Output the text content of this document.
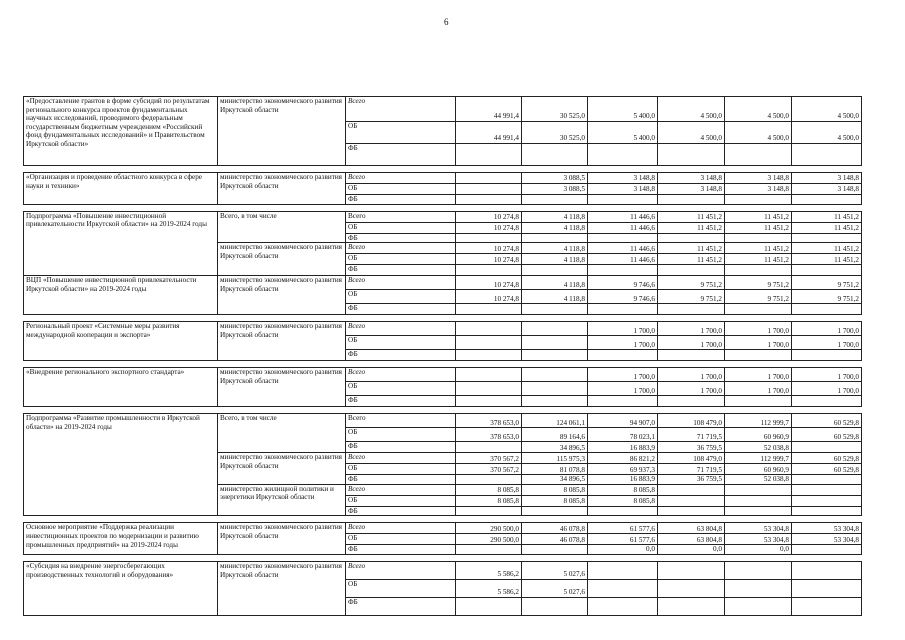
6
«Предоставление грантов в форме субсидий по результатам регионального конкурса проектов фундаментальных научных исследований, проводимого федеральным государственным бюджетным учреждением «Российский фонд фундаментальных исследований» и Правительством Иркутской области»	министерство экономического развития Иркутской области	Всего	44 991,4	30 525,0	5 400,0	4 500,0	4 500,0	4 500,0
		ОБ	44 991,4	30 525,0	5 400,0	4 500,0	4 500,0	4 500,0
		ФБ						

«Организация и проведение областного конкурса в сфере науки и техники»	министерство экономического развития Иркутской области	Всего		3 088,5	3 148,8	3 148,8	3 148,8	3 148,8
		ОБ		3 088,5	3 148,8	3 148,8	3 148,8	3 148,8
		ФБ						

Подпрограмма «Повышение инвестиционной привлекательности Иркутской области» на 2019-2024 годы	Всего, в том числе	Всего	10 274,8	4 118,8	11 446,6	11 451,2	11 451,2	11 451,2
		ОБ	10 274,8	4 118,8	11 446,6	11 451,2	11 451,2	11 451,2
		ФБ						
	министерство экономического развития Иркутской области	Всего	10 274,8	4 118,8	11 446,6	11 451,2	11 451,2	11 451,2
		ОБ	10 274,8	4 118,8	11 446,6	11 451,2	11 451,2	11 451,2
		ФБ						
ВЦП «Повышение инвестиционной привлекательности Иркутской области» на 2019-2024 годы	министерство экономического развития Иркутской области	Всего	10 274,8	4 118,8	9 746,6	9 751,2	9 751,2	9 751,2
		ОБ	10 274,8	4 118,8	9 746,6	9 751,2	9 751,2	9 751,2
		ФБ						

Региональный проект «Системные меры развития международной кооперации и экспорта»	министерство экономического развития Иркутской области	Всего			1 700,0	1 700,0	1 700,0	1 700,0
		ОБ			1 700,0	1 700,0	1 700,0	1 700,0
		ФБ						

«Внедрение регионального экспортного стандарта»	министерство экономического развития Иркутской области	Всего			1 700,0	1 700,0	1 700,0	1 700,0
		ОБ			1 700,0	1 700,0	1 700,0	1 700,0
		ФБ						

Подпрограмма «Развитие промышленности в Иркутской области» на 2019-2024 годы	Всего, в том числе	Всего	378 653,0	124 061,1	94 907,0	108 479,0	112 999,7	60 529,8
		ОБ	378 653,0	89 164,6	78 023,1	71 719,5	60 960,9	60 529,8
		ФБ		34 896,5	16 883,9	36 759,5	52 038,8	
	министерство экономического развития Иркутской области	Всего	370 567,2	115 975,3	86 821,2	108 479,0	112 999,7	60 529,8
		ОБ	370 567,2	81 078,8	69 937,3	71 719,5	60 960,9	60 529,8
		ФБ		34 896,5	16 883,9	36 759,5	52 038,8	
	министерство жилищной политики и энергетики Иркутской области	Всего	8 085,8	8 085,8	8 085,8			
		ОБ	8 085,8	8 085,8	8 085,8			
		ФБ						

Основное мероприятие «Поддержка реализации инвестиционных проектов по модернизации и развитию промышленных предприятий» на 2019-2024 годы	министерство экономического развития Иркутской области	Всего	290 500,0	46 078,8	61 577,6	63 804,8	53 304,8	53 304,8
		ОБ	290 500,0	46 078,8	61 577,6	63 804,8	53 304,8	53 304,8
		ФБ			0,0	0,0	0,0	

«Субсидия на внедрение энергосберегающих производственных технологий и оборудования»	министерство экономического развития Иркутской области	Всего	5 586,2	5 027,6				
		ОБ	5 586,2	5 027,6				
		ФБ						
